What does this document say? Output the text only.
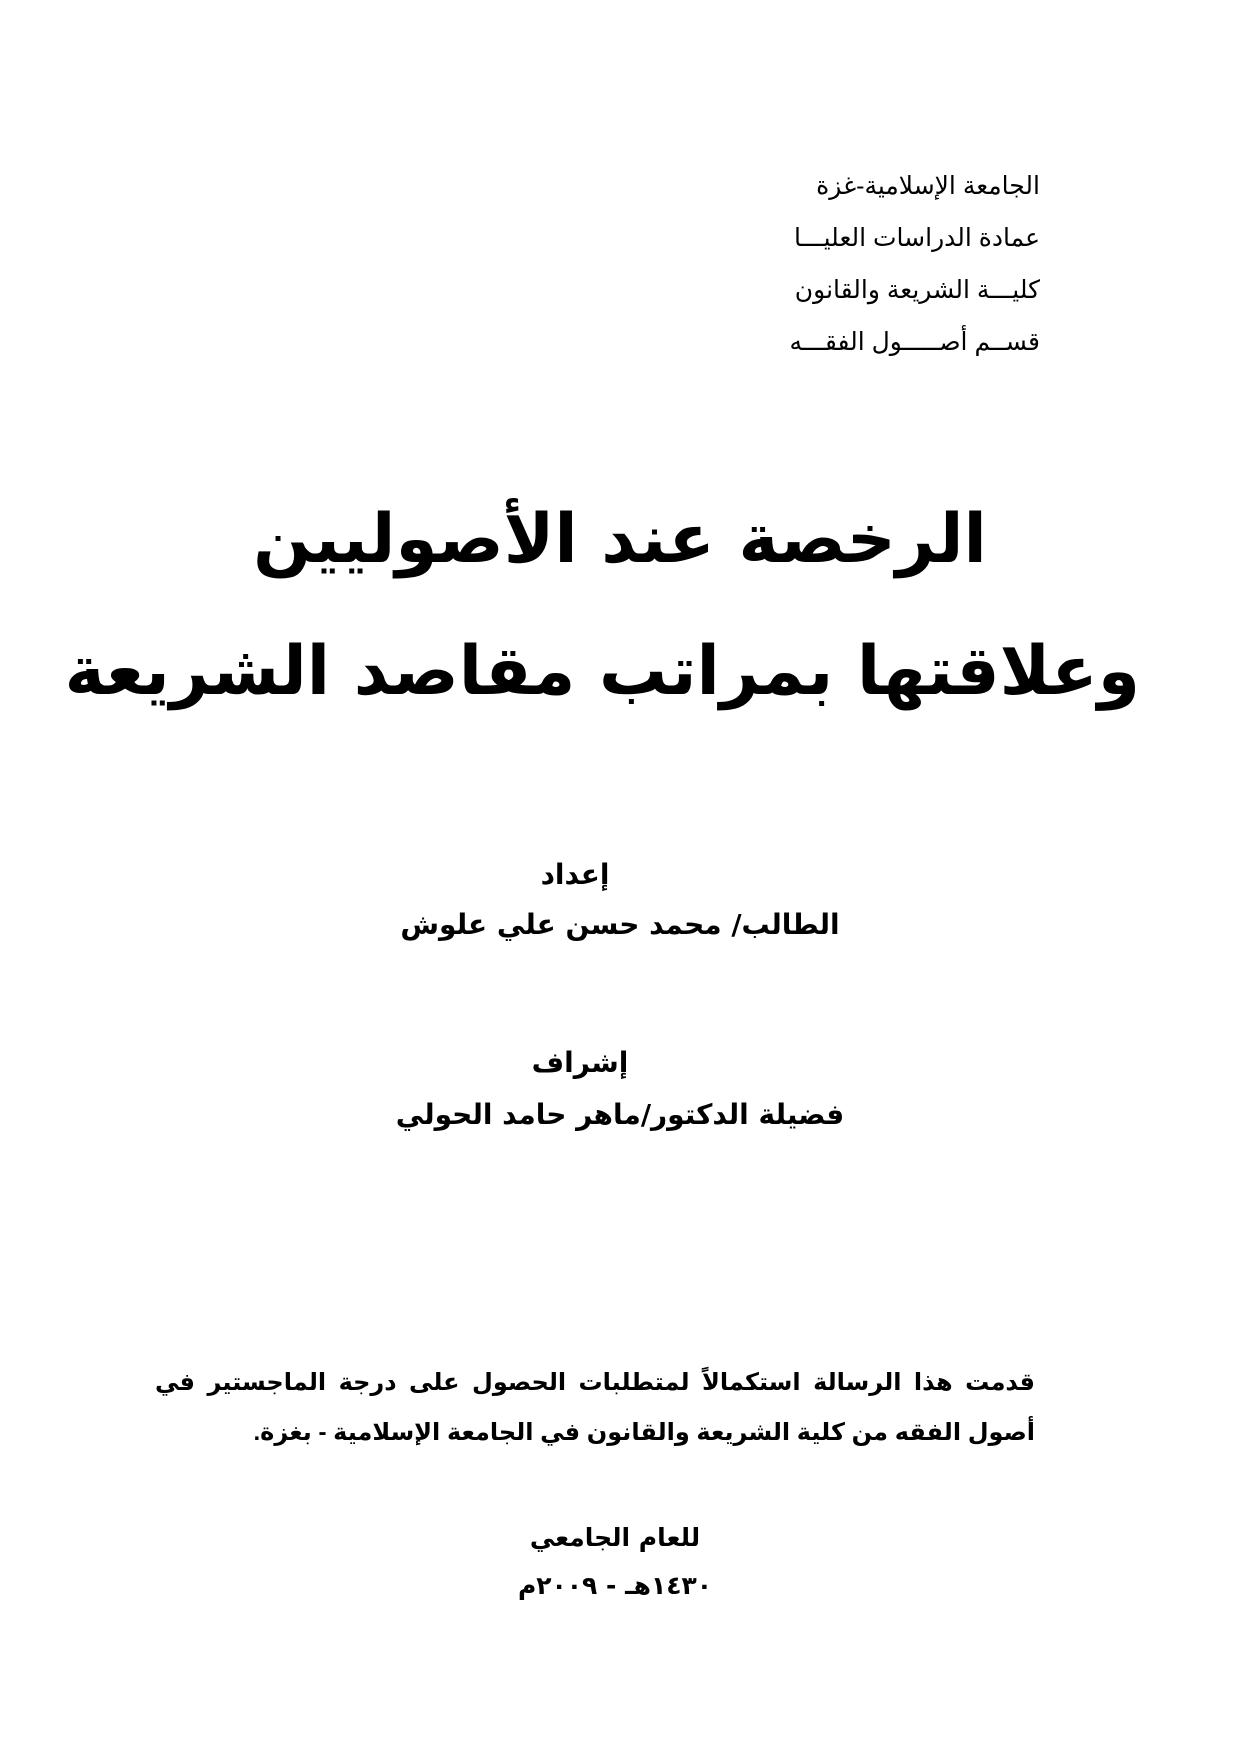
الجامعة الإسلامية-غزة
عمادة الدراسات العليـــا
كليـــة الشريعة والقانون
قســم أصـــــول الفقـــه
الرخصة عند الأصوليين
وعلاقتها بمراتب مقاصد الشريعة
إعداد
الطالب/ محمد حسن علي علوش
إشراف
فضيلة الدكتور/ماهر حامد الحولي
قدمت هذا الرسالة استكمالاً لمتطلبات الحصول على درجة الماجستير في أصول الفقه من كلية الشريعة والقانون في الجامعة الإسلامية - بغزة.
للعام الجامعي
١٤٣٠هـ - ٢٠٠٩م
